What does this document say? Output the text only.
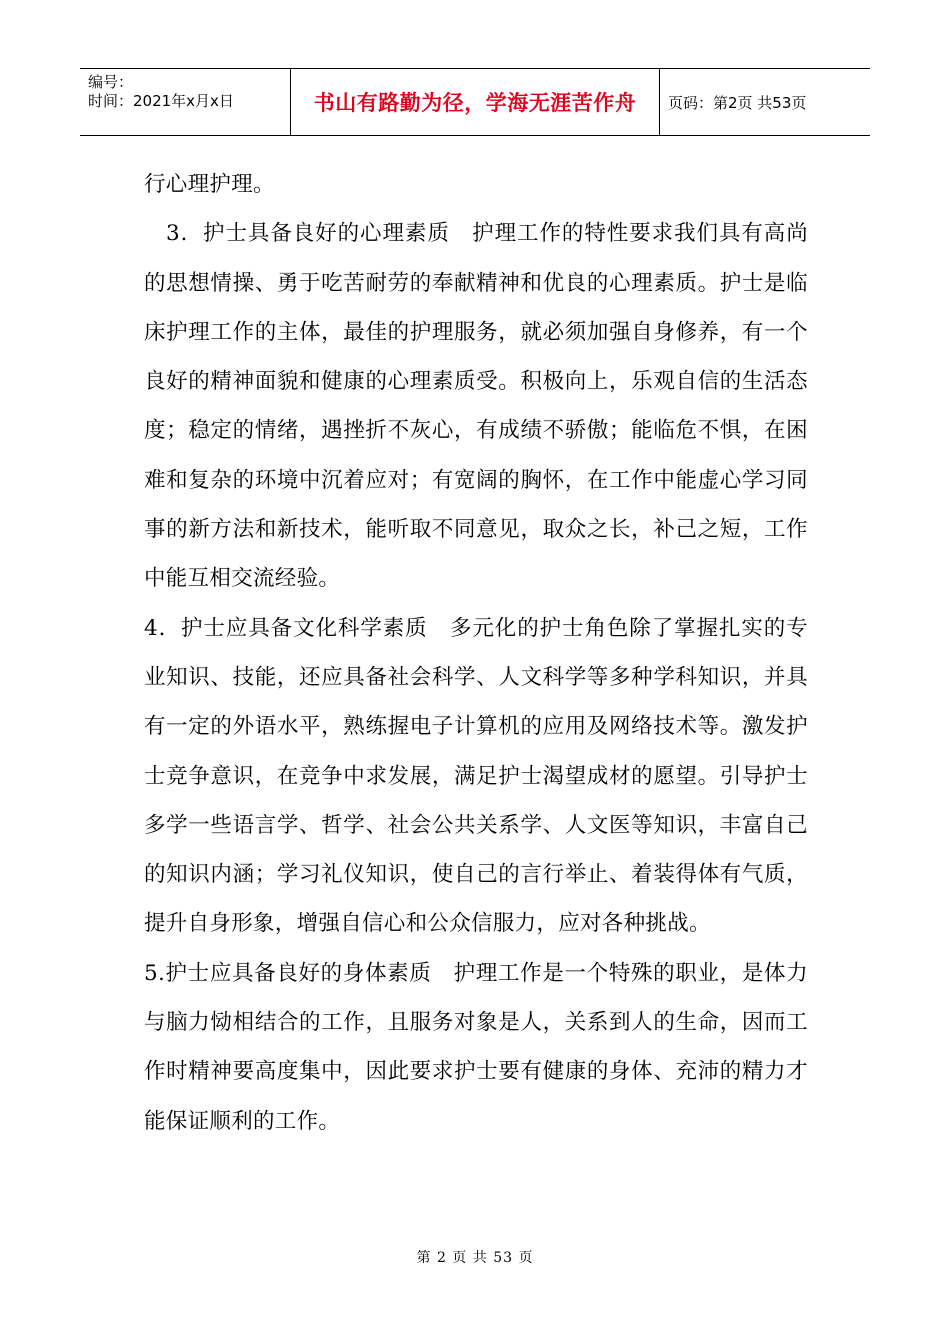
编号：
时间：2021年x月x日	书山有路勤为径，学海无涯苦作舟	页码：第2页 共53页

行心理护理。

3．护士具备良好的心理素质　护理工作的特性要求我们具有高尚的思想情操、勇于吃苦耐劳的奉献精神和优良的心理素质。护士是临床护理工作的主体，最佳的护理服务，就必须加强自身修养，有一个良好的精神面貌和健康的心理素质受。积极向上，乐观自信的生活态度；稳定的情绪，遇挫折不灰心，有成绩不骄傲；能临危不惧，在困难和复杂的环境中沉着应对；有宽阔的胸怀，在工作中能虚心学习同事的新方法和新技术，能听取不同意见，取众之长，补己之短，工作中能互相交流经验。

4．护士应具备文化科学素质　多元化的护士角色除了掌握扎实的专业知识、技能，还应具备社会科学、人文科学等多种学科知识，并具有一定的外语水平，熟练握电子计算机的应用及网络技术等。激发护士竞争意识，在竞争中求发展，满足护士渴望成材的愿望。引导护士多学一些语言学、哲学、社会公共关系学、人文医等知识，丰富自己的知识内涵；学习礼仪知识，使自己的言行举止、着装得体有气质，提升自身形象，增强自信心和公众信服力，应对各种挑战。

5.护士应具备良好的身体素质　护理工作是一个特殊的职业，是体力与脑力恸相结合的工作，且服务对象是人，关系到人的生命，因而工作时精神要高度集中，因此要求护士要有健康的身体、充沛的精力才能保证顺利的工作。

第 2 页 共 53 页
